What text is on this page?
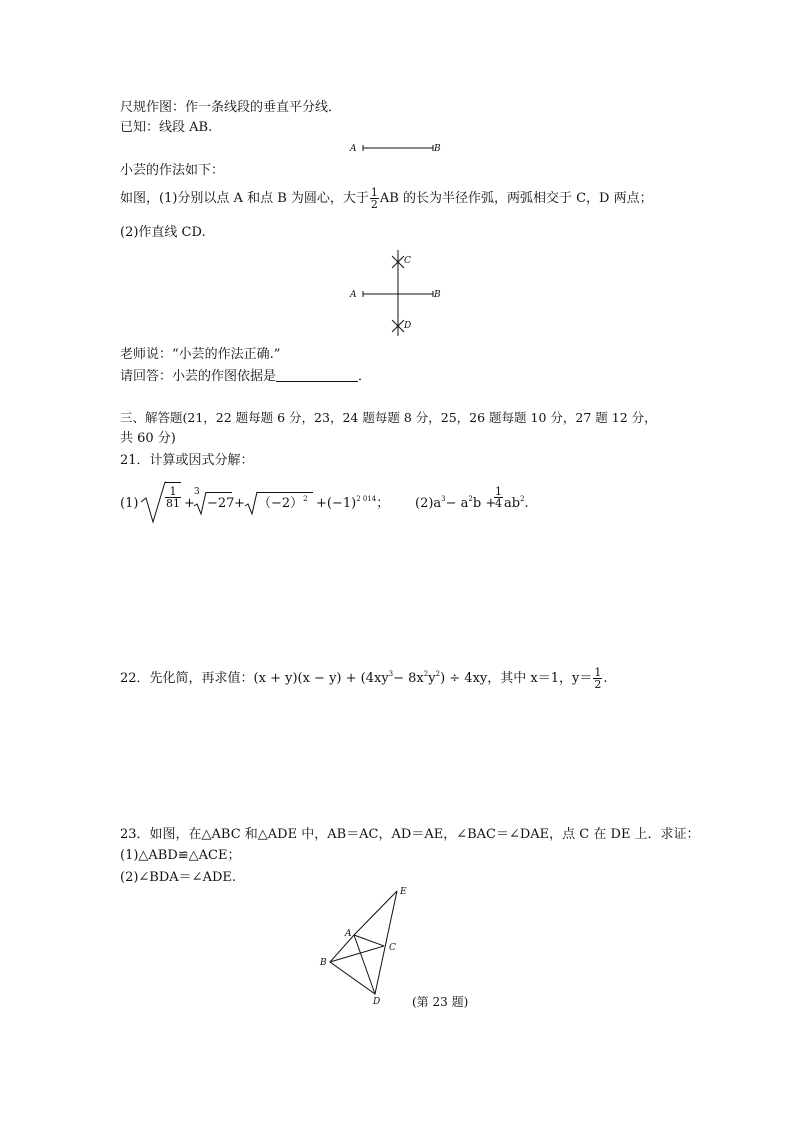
尺规作图：作一条线段的垂直平分线．
已知：线段 AB.
A	B
小芸的作法如下：
如图，(1)分别以点 A 和点 B 为圆心，大于 $\frac{1}{2}$ AB 的长为半径作弧，两弧相交于 C，D 两点；
(2)作直线 CD.
A	B
C
D
老师说：“小芸的作法正确.”
请回答：小芸的作图依据是	．
三、解答题(21，22 题每题 6 分，23，24 题每题 8 分，25，26 题每题 10 分，27 题 12 分，
共 60 分)
21．计算或因式分解：
$(1) \frac{1}{81}$ +
3
$-27 + (-2)^2 +(-1)^{2 014}$； $(2)a^3- a^2b$ +
$\frac{1}{4} ab^2$.
22．先化简，再求值：$(x + y)(x - y) + (4xy^3- 8x^2y^2) \div 4xy$，其中 x＝1，$y= \frac{1}{2}$ .
23．如图，在△ABC 和△ADE 中，AB＝AC，AD＝AE，∠BAC＝∠DAE，点 C 在 DE 上．求证：
(1)△ABD≌△ACE；
(2)∠BDA＝∠ADE.
E
A
C
B
D	(第 23 题)
